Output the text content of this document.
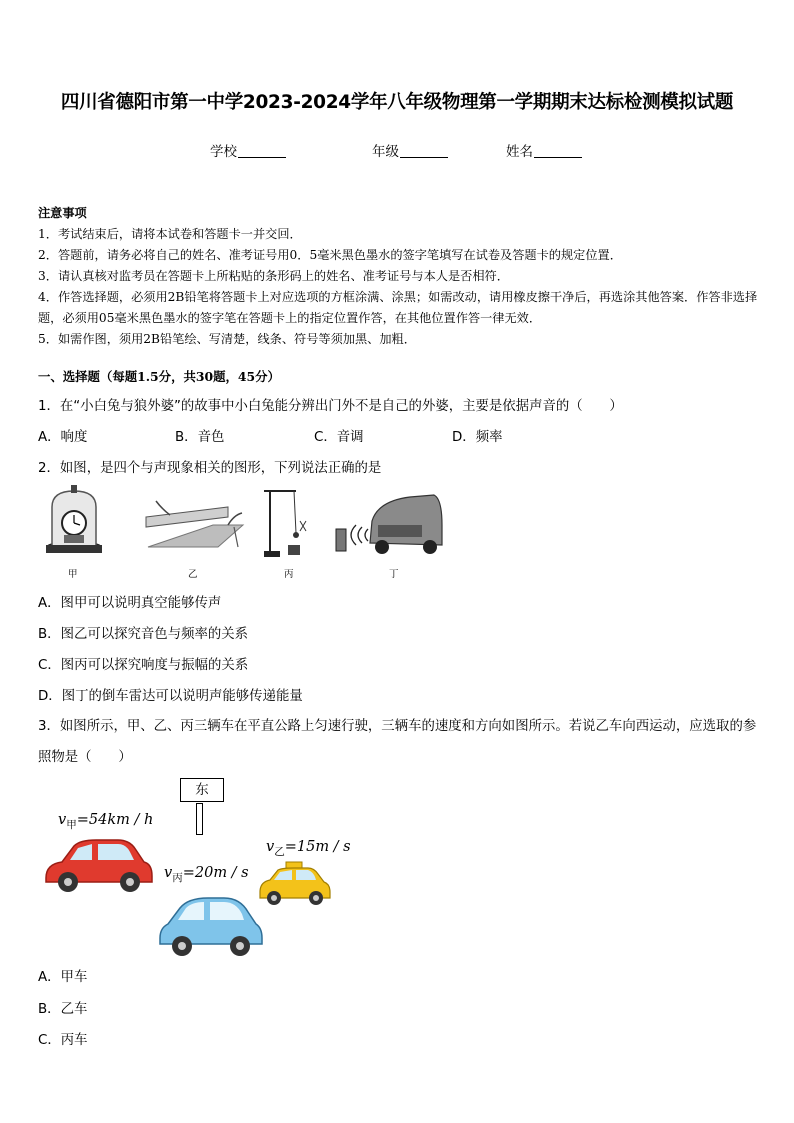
四川省德阳市第一中学2023-2024学年八年级物理第一学期期末达标检测模拟试题
学校	年级	姓名
注意事项
1．考试结束后，请将本试卷和答题卡一并交回．
2．答题前，请务必将自己的姓名、准考证号用0．5毫米黑色墨水的签字笔填写在试卷及答题卡的规定位置．
3．请认真核对监考员在答题卡上所粘贴的条形码上的姓名、准考证号与本人是否相符．
4．作答选择题，必须用2B铅笔将答题卡上对应选项的方框涂满、涂黑；如需改动，请用橡皮擦干净后，再选涂其他答案．作答非选择题，必须用05毫米黑色墨水的签字笔在答题卡上的指定位置作答，在其他位置作答一律无效．
5．如需作图，须用2B铅笔绘、写清楚，线条、符号等须加黑、加粗．
一、选择题（每题1.5分，共30题，45分）
1．在“小白兔与狼外婆”的故事中小白兔能分辨出门外不是自己的外婆，主要是依据声音的（　　）
A．响度	B．音色	C．音调	D．频率
2．如图，是四个与声现象相关的图形，下列说法正确的是
甲	乙	丙	丁
A．图甲可以说明真空能够传声
B．图乙可以探究音色与频率的关系
C．图丙可以探究响度与振幅的关系
D．图丁的倒车雷达可以说明声能够传递能量
3．如图所示，甲、乙、丙三辆车在平直公路上匀速行驶，三辆车的速度和方向如图所示。若说乙车向西运动，应选取的参照物是（　　）
东
$v_甲=54km / h$
$v_乙=15m / s$
$v_丙=20m / s$
A．甲车
B．乙车
C．丙车
